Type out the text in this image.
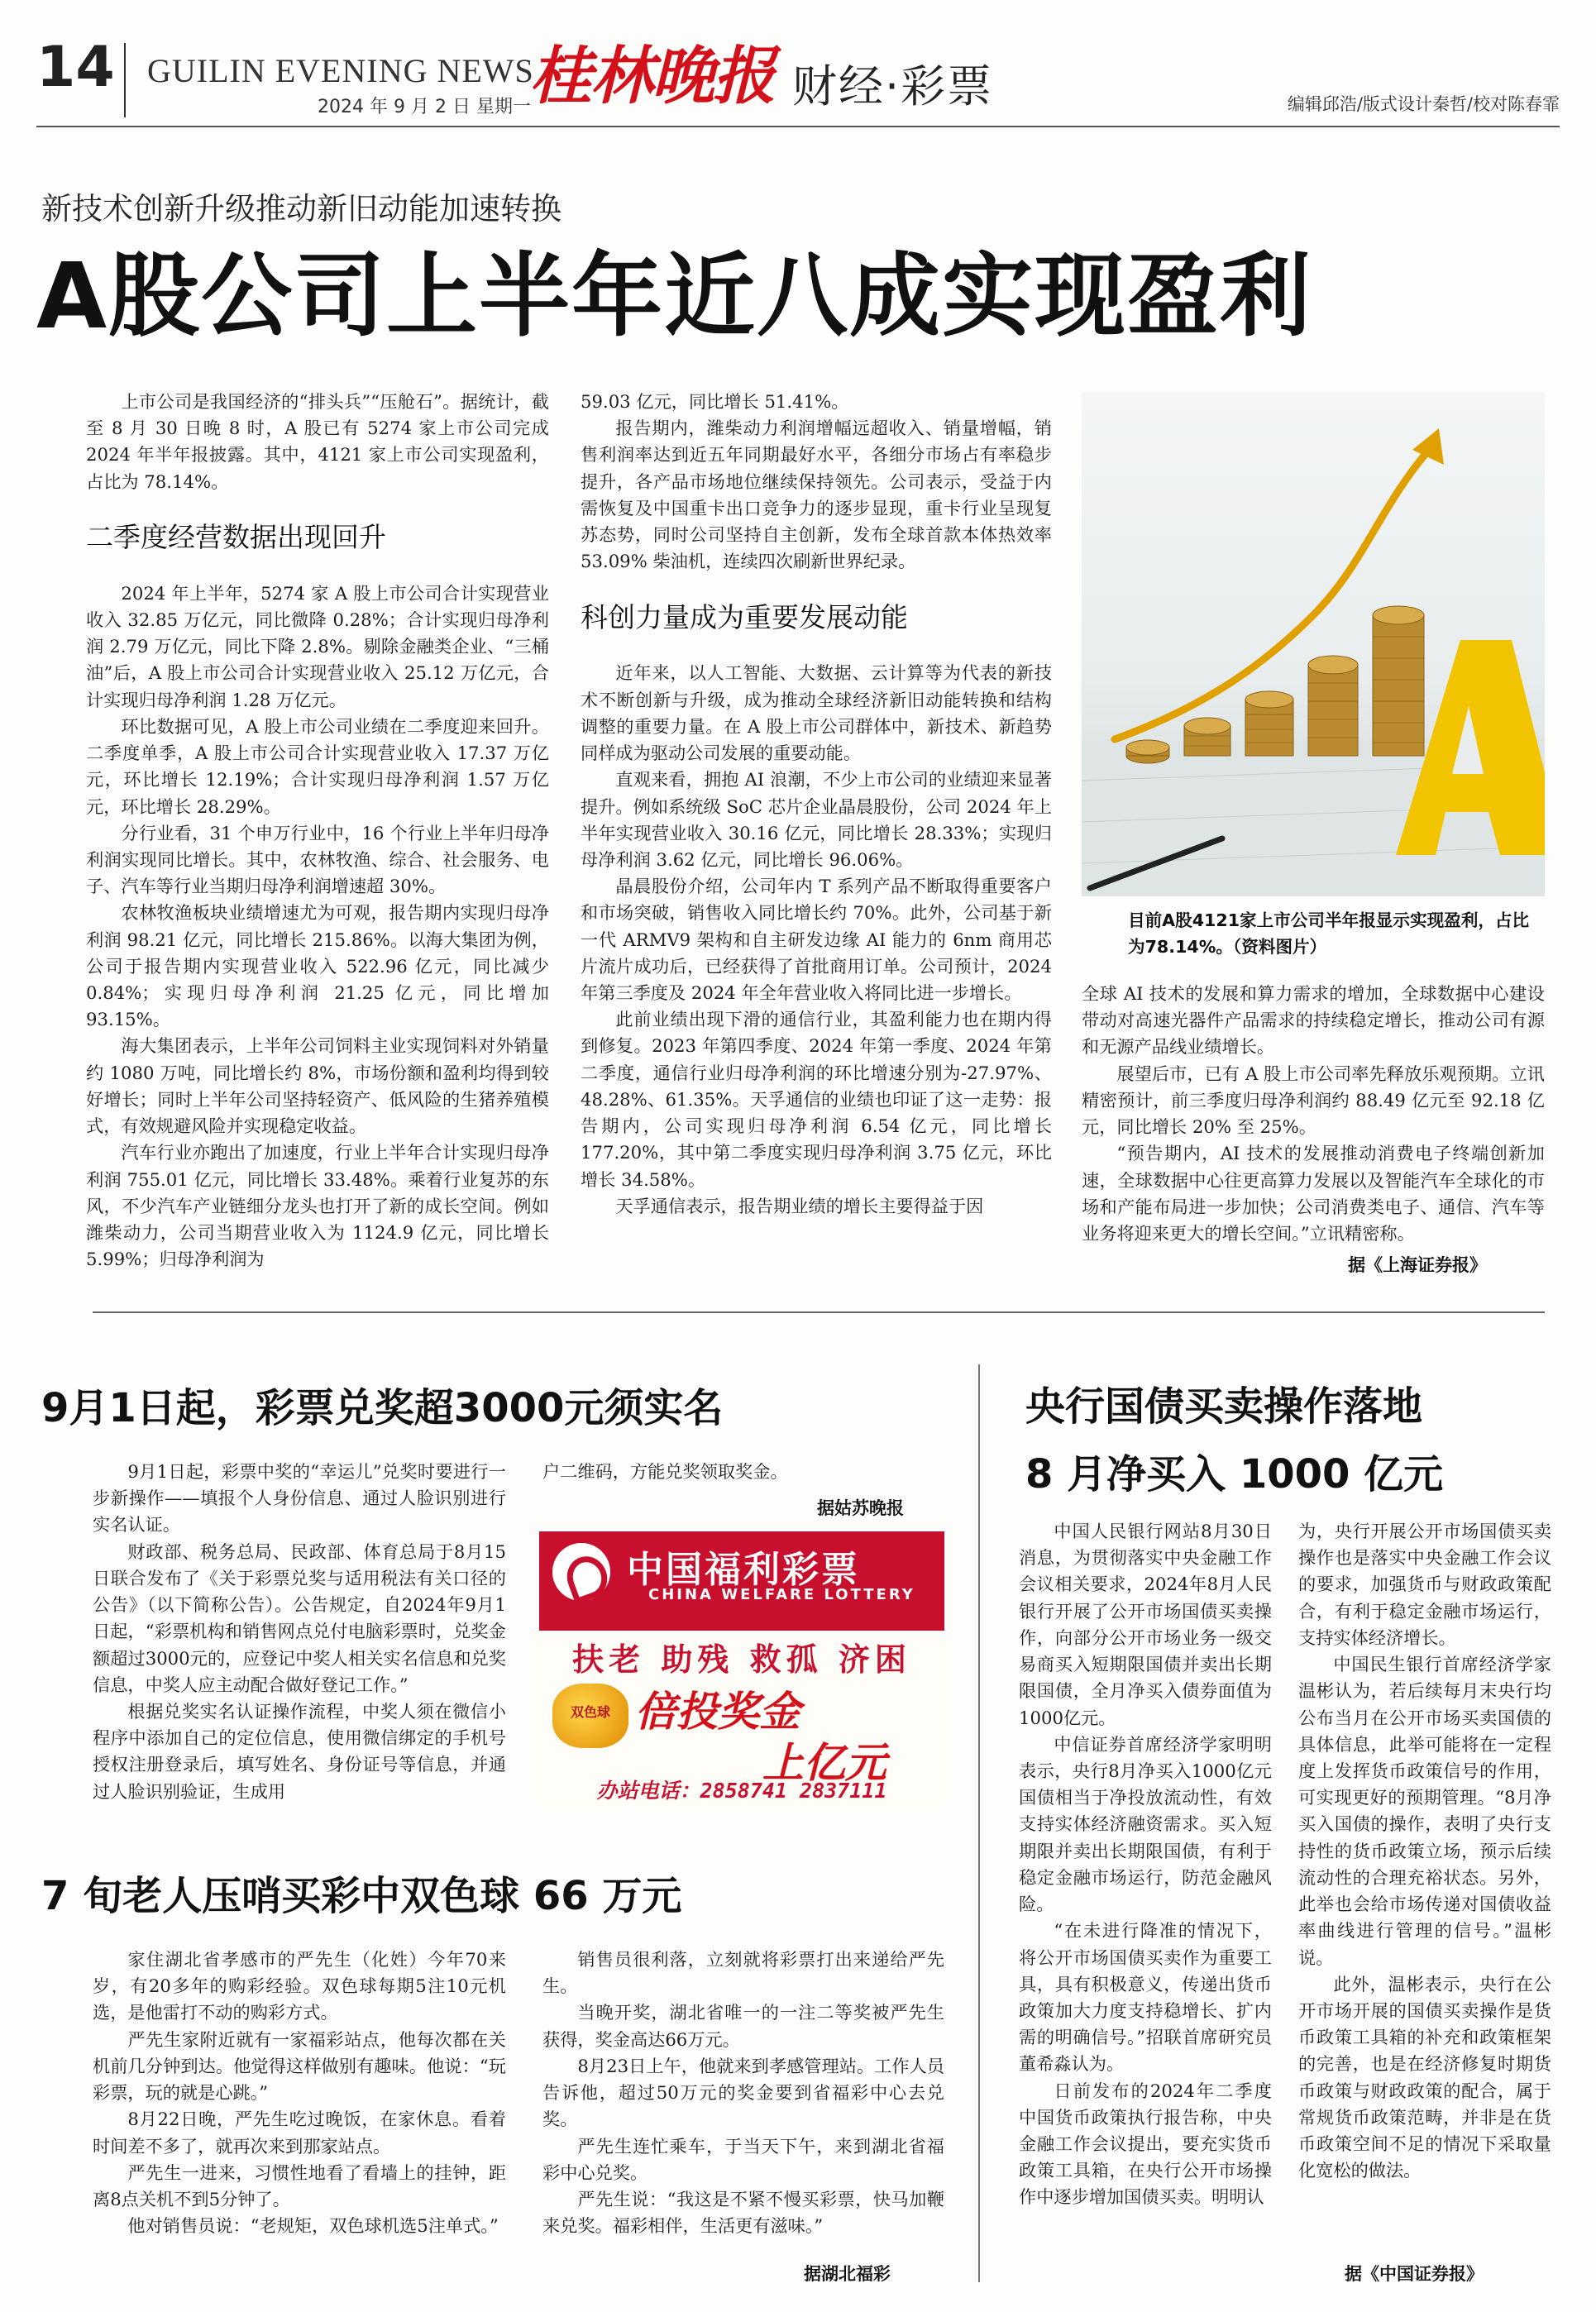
14 GUILIN EVENING NEWS
2024 年 9 月 2 日 星期一
桂林晚报 财经·彩票	编辑邱浩/版式设计秦哲/校对陈春霏
新技术创新升级推动新旧动能加速转换
A股公司上半年近八成实现盈利

上市公司是我国经济的“排头兵”“压舱石”。据统计，截至 8 月 30 日晚 8 时，A 股已有 5274 家上市公司完成 2024 年半年报披露。其中，4121 家上市公司实现盈利，占比为 78.14%。

二季度经营数据出现回升

2024 年上半年，5274 家 A 股上市公司合计实现营业收入 32.85 万亿元，同比微降 0.28%；合计实现归母净利润 2.79 万亿元，同比下降 2.8%。剔除金融类企业、“三桶油”后，A 股上市公司合计实现营业收入 25.12 万亿元，合计实现归母净利润 1.28 万亿元。

环比数据可见，A 股上市公司业绩在二季度迎来回升。二季度单季，A 股上市公司合计实现营业收入 17.37 万亿元，环比增长 12.19%；合计实现归母净利润 1.57 万亿元，环比增长 28.29%。

分行业看，31 个申万行业中，16 个行业上半年归母净利润实现同比增长。其中，农林牧渔、综合、社会服务、电子、汽车等行业当期归母净利润增速超 30%。

农林牧渔板块业绩增速尤为可观，报告期内实现归母净利润 98.21 亿元，同比增长 215.86%。以海大集团为例，公司于报告期内实现营业收入 522.96 亿元，同比减少 0.84%；实现归母净利润 21.25 亿元，同比增加 93.15%。

海大集团表示，上半年公司饲料主业实现饲料对外销量约 1080 万吨，同比增长约 8%，市场份额和盈利均得到较好增长；同时上半年公司坚持轻资产、低风险的生猪养殖模式，有效规避风险并实现稳定收益。

汽车行业亦跑出了加速度，行业上半年合计实现归母净利润 755.01 亿元，同比增长 33.48%。乘着行业复苏的东风，不少汽车产业链细分龙头也打开了新的成长空间。例如潍柴动力，公司当期营业收入为 1124.9 亿元，同比增长 5.99%；归母净利润为

59.03 亿元，同比增长 51.41%。

报告期内，潍柴动力利润增幅远超收入、销量增幅，销售利润率达到近五年同期最好水平，各细分市场占有率稳步提升，各产品市场地位继续保持领先。公司表示，受益于内需恢复及中国重卡出口竞争力的逐步显现，重卡行业呈现复苏态势，同时公司坚持自主创新，发布全球首款本体热效率 53.09% 柴油机，连续四次刷新世界纪录。

科创力量成为重要发展动能

近年来，以人工智能、大数据、云计算等为代表的新技术不断创新与升级，成为推动全球经济新旧动能转换和结构调整的重要力量。在 A 股上市公司群体中，新技术、新趋势同样成为驱动公司发展的重要动能。

直观来看，拥抱 AI 浪潮，不少上市公司的业绩迎来显著提升。例如系统级 SoC 芯片企业晶晨股份，公司 2024 年上半年实现营业收入 30.16 亿元，同比增长 28.33%；实现归母净利润 3.62 亿元，同比增长 96.06%。

晶晨股份介绍，公司年内 T 系列产品不断取得重要客户和市场突破，销售收入同比增长约 70%。此外，公司基于新一代 ARMV9 架构和自主研发边缘 AI 能力的 6nm 商用芯片流片成功后，已经获得了首批商用订单。公司预计，2024 年第三季度及 2024 年全年营业收入将同比进一步增长。

此前业绩出现下滑的通信行业，其盈利能力也在期内得到修复。2023 年第四季度、2024 年第一季度、2024 年第二季度，通信行业归母净利润的环比增速分别为-27.97%、48.28%、61.35%。天孚通信的业绩也印证了这一走势：报告期内，公司实现归母净利润 6.54 亿元，同比增长 177.20%，其中第二季度实现归母净利润 3.75 亿元，环比增长 34.58%。

天孚通信表示，报告期业绩的增长主要得益于因

目前A股4121家上市公司半年报显示实现盈利，占比为78.14%。（资料图片）

全球 AI 技术的发展和算力需求的增加，全球数据中心建设带动对高速光器件产品需求的持续稳定增长，推动公司有源和无源产品线业绩增长。

展望后市，已有 A 股上市公司率先释放乐观预期。立讯精密预计，前三季度归母净利润约 88.49 亿元至 92.18 亿元，同比增长 20% 至 25%。

“预告期内，AI 技术的发展推动消费电子终端创新加速，全球数据中心往更高算力发展以及智能汽车全球化的市场和产能布局进一步加快；公司消费类电子、通信、汽车等业务将迎来更大的增长空间。”立讯精密称。

据《上海证券报》
9月1日起，彩票兑奖超3000元须实名

9月1日起，彩票中奖的“幸运儿”兑奖时要进行一步新操作——填报个人身份信息、通过人脸识别进行实名认证。

财政部、税务总局、民政部、体育总局于8月15日联合发布了《关于彩票兑奖与适用税法有关口径的公告》（以下简称公告）。公告规定，自2024年9月1日起，“彩票机构和销售网点兑付电脑彩票时，兑奖金额超过3000元的，应登记中奖人相关实名信息和兑奖信息，中奖人应主动配合做好登记工作。”

根据兑奖实名认证操作流程，中奖人须在微信小程序中添加自己的定位信息，使用微信绑定的手机号授权注册登录后，填写姓名、身份证号等信息，并通过人脸识别验证，生成用

户二维码，方能兑奖领取奖金。

据姑苏晚报
中国福利彩票
CHINA WELFARE LOTTERY
扶老 助残 救孤 济困
双色球 倍投奖金
上亿元
办站电话：2858741 2837111
7 旬老人压哨买彩中双色球 66 万元

家住湖北省孝感市的严先生（化姓）今年70来岁，有20多年的购彩经验。双色球每期5注10元机选，是他雷打不动的购彩方式。

严先生家附近就有一家福彩站点，他每次都在关机前几分钟到达。他觉得这样做别有趣味。他说：“玩彩票，玩的就是心跳。”

8月22日晚，严先生吃过晚饭，在家休息。看着时间差不多了，就再次来到那家站点。

严先生一进来，习惯性地看了看墙上的挂钟，距离8点关机不到5分钟了。

他对销售员说：“老规矩，双色球机选5注单式。”

销售员很利落，立刻就将彩票打出来递给严先生。

当晚开奖，湖北省唯一的一注二等奖被严先生获得，奖金高达66万元。

8月23日上午，他就来到孝感管理站。工作人员告诉他，超过50万元的奖金要到省福彩中心去兑奖。

严先生连忙乘车，于当天下午，来到湖北省福彩中心兑奖。

严先生说：“我这是不紧不慢买彩票，快马加鞭来兑奖。福彩相伴，生活更有滋味。”

据湖北福彩
央行国债买卖操作落地
8 月净买入 1000 亿元

中国人民银行网站8月30日消息，为贯彻落实中央金融工作会议相关要求，2024年8月人民银行开展了公开市场国债买卖操作，向部分公开市场业务一级交易商买入短期限国债并卖出长期限国债，全月净买入债券面值为1000亿元。

中信证券首席经济学家明明表示，央行8月净买入1000亿元国债相当于净投放流动性，有效支持实体经济融资需求。买入短期限并卖出长期限国债，有利于稳定金融市场运行，防范金融风险。

“在未进行降准的情况下，将公开市场国债买卖作为重要工具，具有积极意义，传递出货币政策加大力度支持稳增长、扩内需的明确信号。”招联首席研究员董希淼认为。

日前发布的2024年二季度中国货币政策执行报告称，中央金融工作会议提出，要充实货币政策工具箱，在央行公开市场操作中逐步增加国债买卖。明明认

为，央行开展公开市场国债买卖操作也是落实中央金融工作会议的要求，加强货币与财政政策配合，有利于稳定金融市场运行，支持实体经济增长。

中国民生银行首席经济学家温彬认为，若后续每月末央行均公布当月在公开市场买卖国债的具体信息，此举可能将在一定程度上发挥货币政策信号的作用，可实现更好的预期管理。“8月净买入国债的操作，表明了央行支持性的货币政策立场，预示后续流动性的合理充裕状态。另外，此举也会给市场传递对国债收益率曲线进行管理的信号。”温彬说。

此外，温彬表示，央行在公开市场开展的国债买卖操作是货币政策工具箱的补充和政策框架的完善，也是在经济修复时期货币政策与财政政策的配合，属于常规货币政策范畴，并非是在货币政策空间不足的情况下采取量化宽松的做法。

据《中国证券报》
